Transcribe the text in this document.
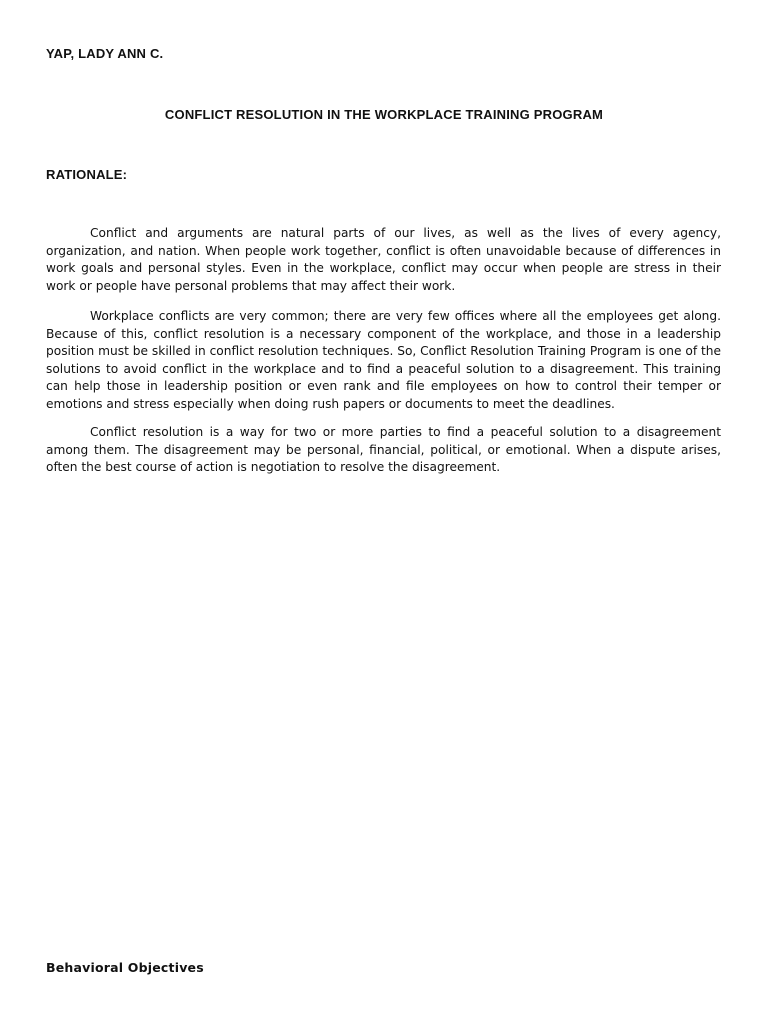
YAP, LADY ANN C.
CONFLICT RESOLUTION IN THE WORKPLACE TRAINING PROGRAM
RATIONALE:

Conflict and arguments are natural parts of our lives, as well as the lives of every agency, organization, and nation. When people work together, conflict is often unavoidable because of differences in work goals and personal styles. Even in the workplace, conflict may occur when people are stress in their work or people have personal problems that may affect their work.

Workplace conflicts are very common; there are very few offices where all the employees get along. Because of this, conflict resolution is a necessary component of the workplace, and those in a leadership position must be skilled in conflict resolution techniques. So, Conflict Resolution Training Program is one of the solutions to avoid conflict in the workplace and to find a peaceful solution to a disagreement. This training can help those in leadership position or even rank and file employees on how to control their temper or emotions and stress especially when doing rush papers or documents to meet the deadlines.

Conflict resolution is a way for two or more parties to find a peaceful solution to a disagreement among them. The disagreement may be personal, financial, political, or emotional. When a dispute arises, often the best course of action is negotiation to resolve the disagreement.

Behavioral Objectives
